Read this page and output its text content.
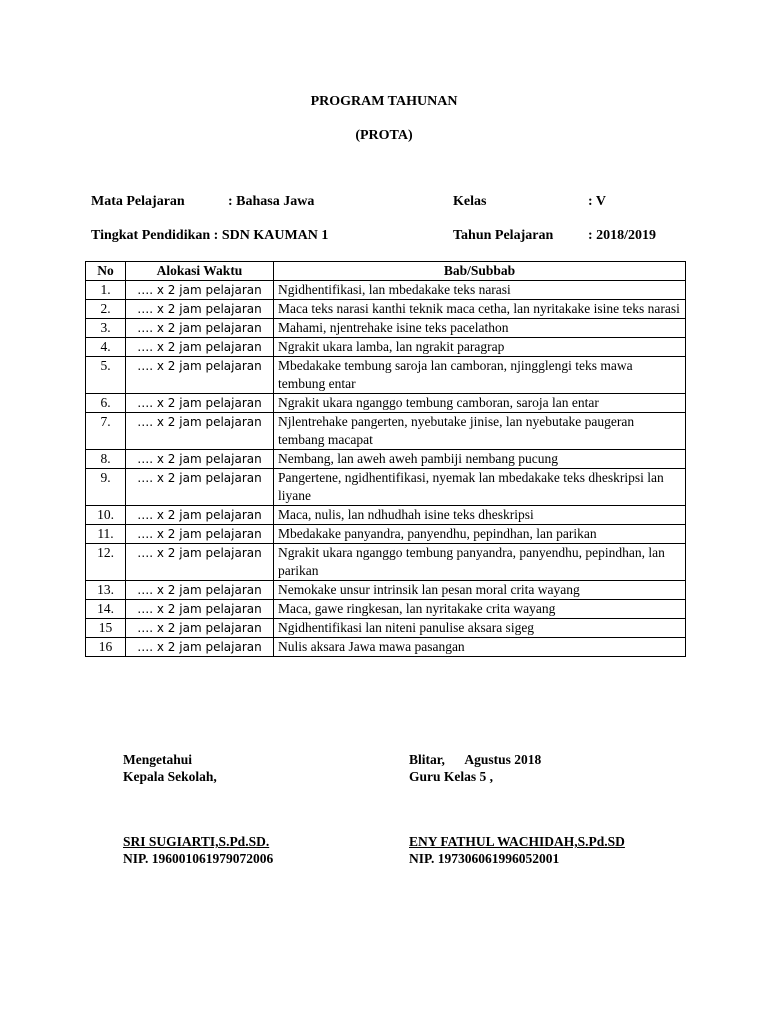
PROGRAM TAHUNAN
(PROTA)
Mata Pelajaran	: Bahasa Jawa	Kelas	: V
Tingkat Pendidikan : SDN KAUMAN 1	Tahun Pelajaran : 2018/2019
No	Alokasi Waktu	Bab/Subbab
1.	…. x 2 jam pelajaran	Ngidhentifikasi, lan mbedakake teks narasi
2.	…. x 2 jam pelajaran	Maca teks narasi kanthi teknik maca cetha, lan nyritakake isine teks narasi
3.	…. x 2 jam pelajaran	Mahami, njentrehake isine teks pacelathon
4.	…. x 2 jam pelajaran	Ngrakit ukara lamba, lan ngrakit paragrap
5.	…. x 2 jam pelajaran	Mbedakake tembung saroja lan camboran, njingglengi teks mawa tembung entar
6.	…. x 2 jam pelajaran	Ngrakit ukara nganggo tembung camboran, saroja lan entar
7.	…. x 2 jam pelajaran	Njlentrehake pangerten, nyebutake jinise, lan nyebutake paugeran tembang macapat
8.	…. x 2 jam pelajaran	Nembang, lan aweh aweh pambiji nembang pucung
9.	…. x 2 jam pelajaran	Pangertene, ngidhentifikasi, nyemak lan mbedakake teks dheskripsi lan liyane
10.	…. x 2 jam pelajaran	Maca, nulis, lan ndhudhah isine teks dheskripsi
11.	…. x 2 jam pelajaran	Mbedakake panyandra, panyendhu, pepindhan, lan parikan
12.	…. x 2 jam pelajaran	Ngrakit ukara nganggo tembung panyandra, panyendhu, pepindhan, lan parikan
13.	…. x 2 jam pelajaran	Nemokake unsur intrinsik lan pesan moral crita wayang
14.	…. x 2 jam pelajaran	Maca, gawe ringkesan, lan nyritakake crita wayang
15	…. x 2 jam pelajaran	Ngidhentifikasi lan niteni panulise aksara sigeg
16	…. x 2 jam pelajaran	Nulis aksara Jawa mawa pasangan
Mengetahui
Kepala Sekolah,
SRI SUGIARTI,S.Pd.SD.
NIP. 196001061979072006
Blitar,      Agustus 2018
Guru Kelas 5 ,
ENY FATHUL WACHIDAH,S.Pd.SD
NIP. 197306061996052001
